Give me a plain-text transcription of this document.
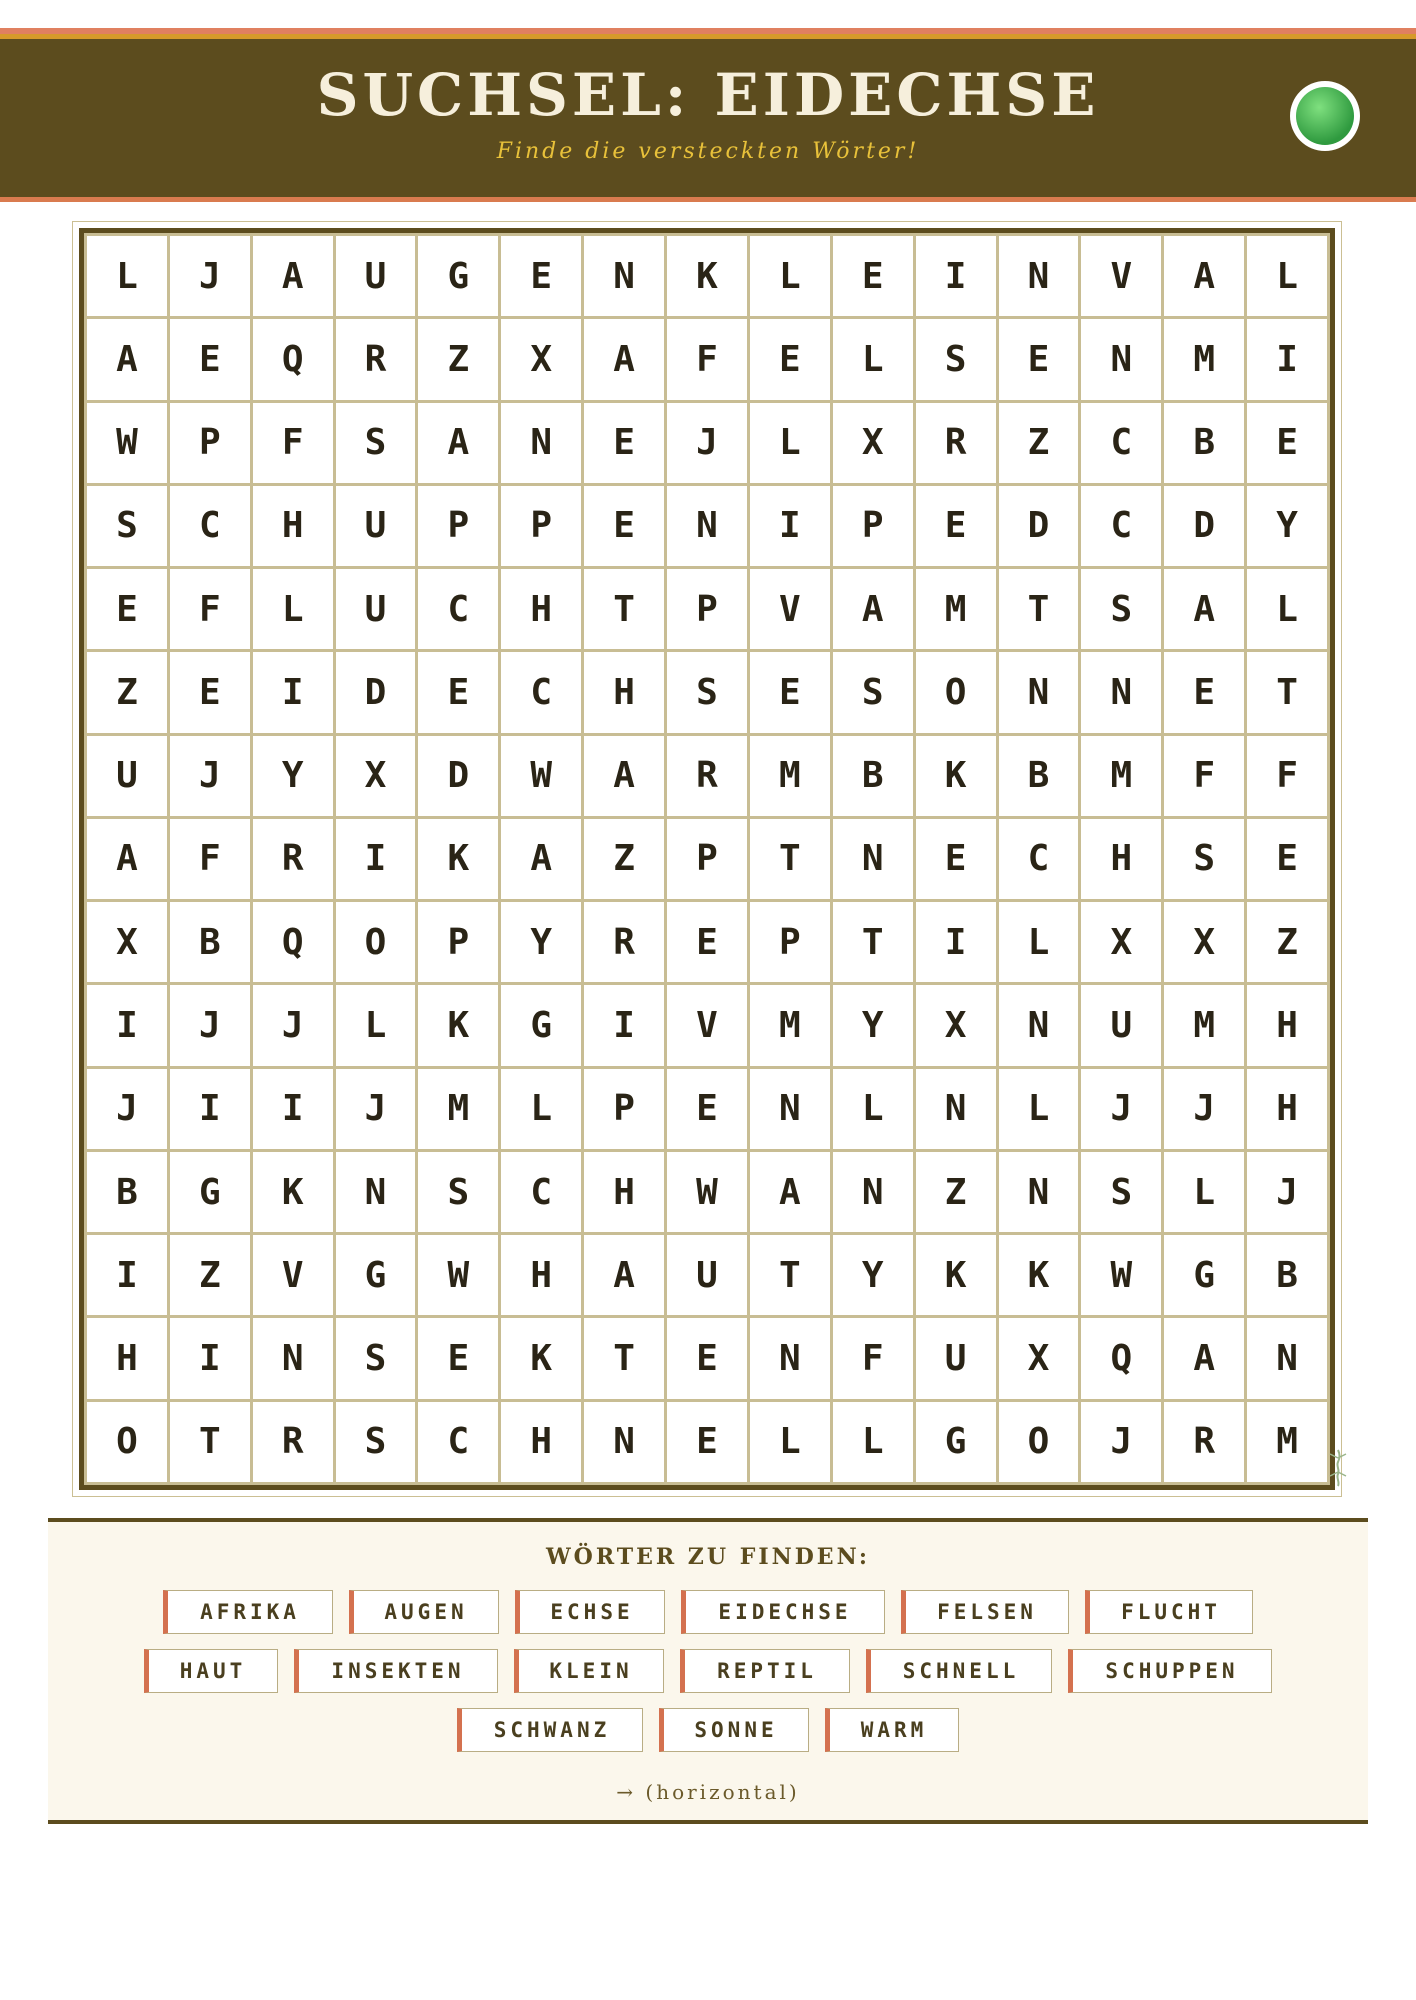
SUCHSEL: EIDECHSE
Finde die versteckten Wörter!
L	J	A	U	G	E	N	K	L	E	I	N	V	A	L
A	E	Q	R	Z	X	A	F	E	L	S	E	N	M	I
W	P	F	S	A	N	E	J	L	X	R	Z	C	B	E
S	C	H	U	P	P	E	N	I	P	E	D	C	D	Y
E	F	L	U	C	H	T	P	V	A	M	T	S	A	L
Z	E	I	D	E	C	H	S	E	S	O	N	N	E	T
U	J	Y	X	D	W	A	R	M	B	K	B	M	F	F
A	F	R	I	K	A	Z	P	T	N	E	C	H	S	E
X	B	Q	O	P	Y	R	E	P	T	I	L	X	X	Z
I	J	J	L	K	G	I	V	M	Y	X	N	U	M	H
J	I	I	J	M	L	P	E	N	L	N	L	J	J	H
B	G	K	N	S	C	H	W	A	N	Z	N	S	L	J
I	Z	V	G	W	H	A	U	T	Y	K	K	W	G	B
H	I	N	S	E	K	T	E	N	F	U	X	Q	A	N
O	T	R	S	C	H	N	E	L	L	G	O	J	R	M
WÖRTER ZU FINDEN:
AFRIKA	AUGEN	ECHSE	EIDECHSE	FELSEN	FLUCHT
HAUT	INSEKTEN	KLEIN	REPTIL	SCHNELL	SCHUPPEN
SCHWANZ	SONNE	WARM
→ (horizontal)
